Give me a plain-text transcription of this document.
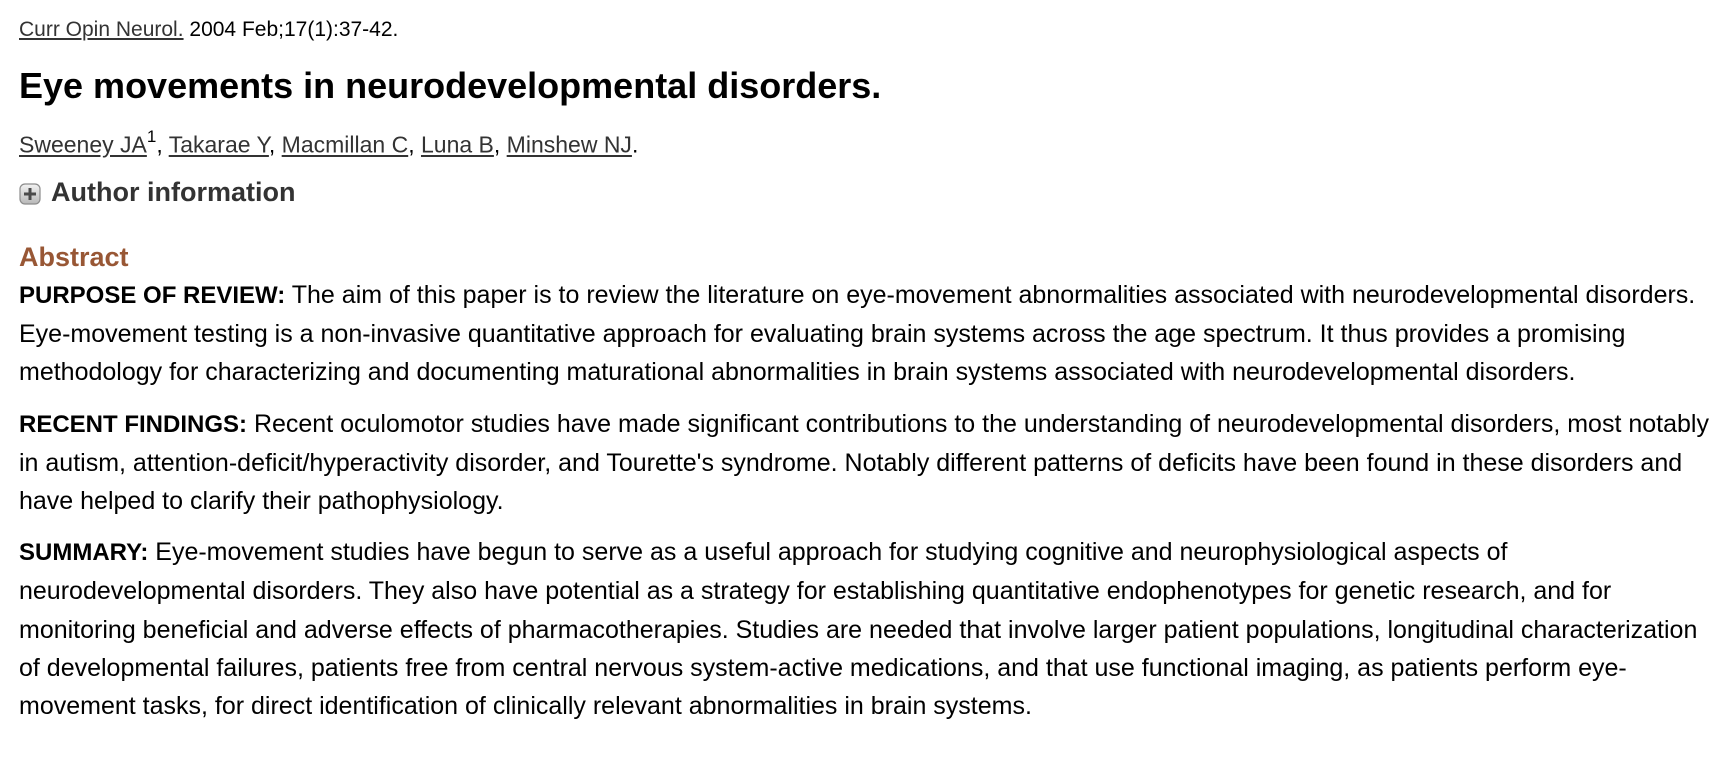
Curr Opin Neurol. 2004 Feb;17(1):37-42.
Eye movements in neurodevelopmental disorders.
Sweeney $JA^1$, Takarae Y, Macmillan C, Luna B, Minshew NJ.
Author information
Abstract

PURPOSE OF REVIEW: The aim of this paper is to review the literature on eye-movement abnormalities associated with neurodevelopmental disorders. Eye-movement testing is a non-invasive quantitative approach for evaluating brain systems across the age spectrum. It thus provides a promising methodology for characterizing and documenting maturational abnormalities in brain systems associated with neurodevelopmental disorders.

RECENT FINDINGS: Recent oculomotor studies have made significant contributions to the understanding of neurodevelopmental disorders, most notably in autism, attention-deficit/hyperactivity disorder, and Tourette's syndrome. Notably different patterns of deficits have been found in these disorders and have helped to clarify their pathophysiology.

SUMMARY: Eye-movement studies have begun to serve as a useful approach for studying cognitive and neurophysiological aspects of neurodevelopmental disorders. They also have potential as a strategy for establishing quantitative endophenotypes for genetic research, and for monitoring beneficial and adverse effects of pharmacotherapies. Studies are needed that involve larger patient populations, longitudinal characterization of developmental failures, patients free from central nervous system-active medications, and that use functional imaging, as patients perform eye-movement tasks, for direct identification of clinically relevant abnormalities in brain systems.
